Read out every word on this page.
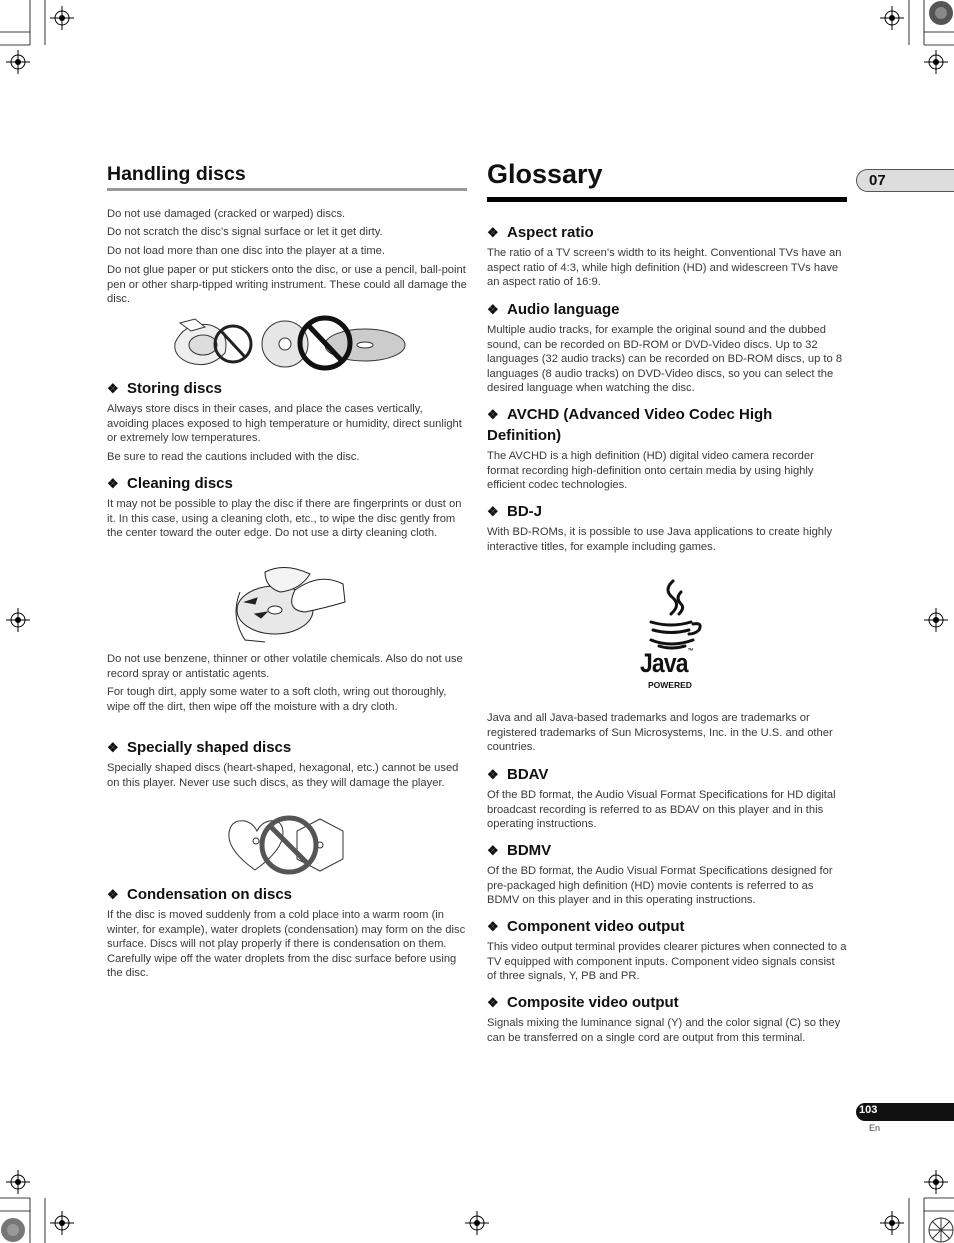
07
103
En
Handling discs

Do not use damaged (cracked or warped) discs.

Do not scratch the disc’s signal surface or let it get dirty.

Do not load more than one disc into the player at a time.

Do not glue paper or put stickers onto the disc, or use a pencil, ball-point pen or other sharp-tipped writing instrument. These could all damage the disc.

❖ Storing discs

Always store discs in their cases, and place the cases vertically, avoiding places exposed to high temperature or humidity, direct sunlight or extremely low temperatures.

Be sure to read the cautions included with the disc.

❖ Cleaning discs

It may not be possible to play the disc if there are fingerprints or dust on it. In this case, using a cleaning cloth, etc., to wipe the disc gently from the center toward the outer edge. Do not use a dirty cleaning cloth.

Do not use benzene, thinner or other volatile chemicals. Also do not use record spray or antistatic agents.

For tough dirt, apply some water to a soft cloth, wring out thoroughly, wipe off the dirt, then wipe off the moisture with a dry cloth.

❖ Specially shaped discs

Specially shaped discs (heart-shaped, hexagonal, etc.) cannot be used on this player. Never use such discs, as they will damage the player.

❖ Condensation on discs

If the disc is moved suddenly from a cold place into a warm room (in winter, for example), water droplets (condensation) may form on the disc surface. Discs will not play properly if there is condensation on them. Carefully wipe off the water droplets from the disc surface before using the disc.

Glossary
❖ Aspect ratio

The ratio of a TV screen’s width to its height. Conventional TVs have an aspect ratio of 4:3, while high definition (HD) and widescreen TVs have an aspect ratio of 16:9.

❖ Audio language

Multiple audio tracks, for example the original sound and the dubbed sound, can be recorded on BD-ROM or DVD-Video discs. Up to 32 languages (32 audio tracks) can be recorded on BD-ROM discs, up to 8 languages (8 audio tracks) on DVD-Video discs, so you can select the desired language when watching the disc.

❖ AVCHD (Advanced Video Codec High Definition)

The AVCHD is a high definition (HD) digital video camera recorder format recording high-definition onto certain media by using highly efficient codec technologies.

❖ BD-J

With BD-ROMs, it is possible to use Java applications to create highly interactive titles, for example including games.

Java™
POWERED

Java and all Java-based trademarks and logos are trademarks or registered trademarks of Sun Microsystems, Inc. in the U.S. and other countries.

❖ BDAV

Of the BD format, the Audio Visual Format Specifications for HD digital broadcast recording is referred to as BDAV on this player and in this operating instructions.

❖ BDMV

Of the BD format, the Audio Visual Format Specifications designed for pre-packaged high definition (HD) movie contents is referred to as BDMV on this player and in this operating instructions.

❖ Component video output

This video output terminal provides clearer pictures when connected to a TV equipped with component inputs. Component video signals consist of three signals, Y, PB and PR.

❖ Composite video output

Signals mixing the luminance signal (Y) and the color signal (C) so they can be transferred on a single cord are output from this terminal.
